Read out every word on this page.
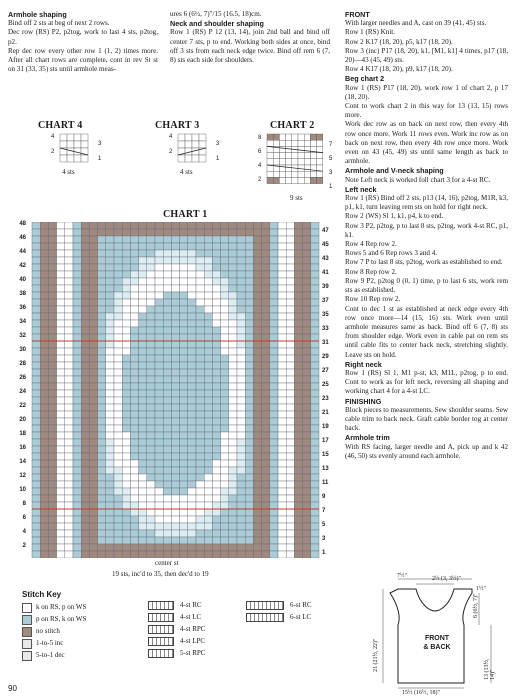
Armhole shaping

Bind off 2 sts at beg of next 2 rows.

Dec row (RS) P2, p2tog, work to last 4 sts, p2tog, p2.

Rep dec row every other row 1 (1, 2) times more. After all chart rows are complete, cont in rev St st on 31 (33, 35) sts until armhole meas-

ures 6 (6½, 7)"/15 (16.5, 18)cm.

Neck and shoulder shaping

Row 1 (RS) P 12 (13, 14), join 2nd ball and bind off center 7 sts, p to end. Working both sides at once, bind off 3 sts from each neck edge twice. Bind off rem 6 (7, 8) sts each side for shoulders.

FRONT

With larger needles and A, cast on 39 (41, 45) sts.

Row 1 (RS) Knit.

Row 2 K17 (18, 20), p5, k17 (18, 20).

Row 3 (inc) P17 (18, 20), k1, [M1, k1] 4 times, p17 (18, 20)—43 (45, 49) sts.

Row 4 K17 (18, 20), p9, k17 (18, 20).

Beg chart 2

Row 1 (RS) P17 (18, 20), work row 1 of chart 2, p 17 (18, 20).

Cont to work chart 2 in this way for 13 (13, 15) rows more.

Work dec row as on back on next row, then every 4th row once more. Work 11 rows even. Work inc row as on back on next row, then every 4th row once more. Work even on 43 (45, 49) sts until same length as back to armhole.

Armhole and V-neck shaping

Note Left neck is worked foll chart 3 for a 4-st RC.

Left neck

Row 1 (RS) Bind off 2 sts, p13 (14, 16), p2tog, M1R, k3, p1, k1, turn leaving rem sts on hold for right neck.

Row 2 (WS) Sl 1, k1, p4, k to end.

Row 3 P2, p2tog, p to last 8 sts, p2tog, work 4-st RC, p1, k1.

Row 4 Rep row 2.

Rows 5 and 6 Rep rows 3 and 4.

Row 7 P to last 8 sts, p2tog, work as established to end.

Row 8 Rep row 2.

Row 9 P2, p2tog 0 (0, 1) time, p to last 6 sts, work rem sts as established.

Row 10 Rep row 2.

Cont to dec 1 st as established at neck edge every 4th row once more—14 (15, 16) sts. Work even until armhole measures same as back. Bind off 6 (7, 8) sts from shoulder edge. Work even in cable pat on rem sts until cable fits to center back neck, stretching slightly. Leave sts on hold.

Right neck

Row 1 (RS) Sl 1, M1 p-st, k3, M1L, p2tog, p to end. Cont to work as for left neck, reversing all shaping and working chart 4 for a 4-st LC.

FINISHING

Block pieces to measurements. Sew shoulder seams. Sew cable trim to back neck. Graft cable border tog at center back.

Armhole trim

With RS facing, larger needle and A, pick up and k 42 (46, 50) sts evenly around each armhole.

CHART 4	CHART 3	CHART 2
4
3
2
1
4 sts
4
3
2
1
4 sts
8
7
6
5
4
3
2
1
9 sts
CHART 1
48
46
44
42
40
38
36
34
32
30
28
26
24
22
20
18
16
14
12
10
8
6
4
2
47
45
43
41
39
37
35
33
31
29
27
25
23
21
19
17
15
13
11
9
7
5
3
1
center st
19 sts, inc'd to 35, then dec'd to 19
Stitch Key
k on RS, p on WS
p on RS, k on WS
no stitch
1-to-5 inc
5-to-1 dec
4-st RC
4-st LC
4-st RPC
4-st LPC
5-st RPC
6-st RC
6-st LC
7½"	2½ (3, 3½)"
1½"
6 (6½, 7)"
13 (13½, 14)"
21 (21½, 22)"
FRONT
& BACK
15½ (16½, 18)"
90
